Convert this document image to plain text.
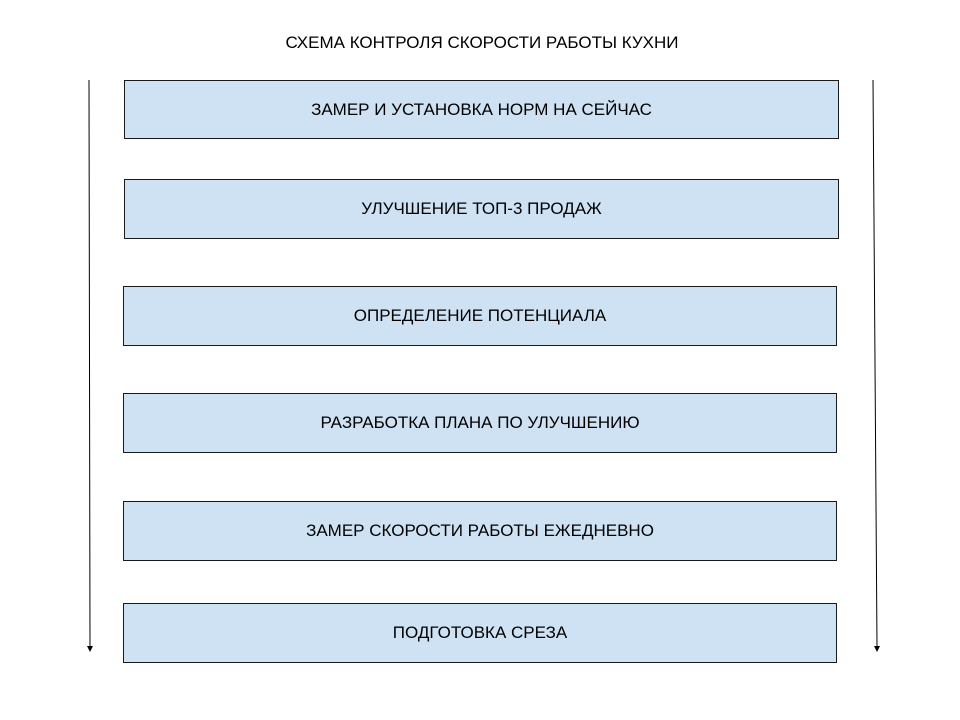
СХЕМА КОНТРОЛЯ СКОРОСТИ РАБОТЫ КУХНИ
ЗАМЕР И УСТАНОВКА НОРМ НА СЕЙЧАС
УЛУЧШЕНИЕ ТОП-3 ПРОДАЖ
ОПРЕДЕЛЕНИЕ ПОТЕНЦИАЛА
РАЗРАБОТКА ПЛАНА ПО УЛУЧШЕНИЮ
ЗАМЕР СКОРОСТИ РАБОТЫ ЕЖЕДНЕВНО
ПОДГОТОВКА СРЕЗА
